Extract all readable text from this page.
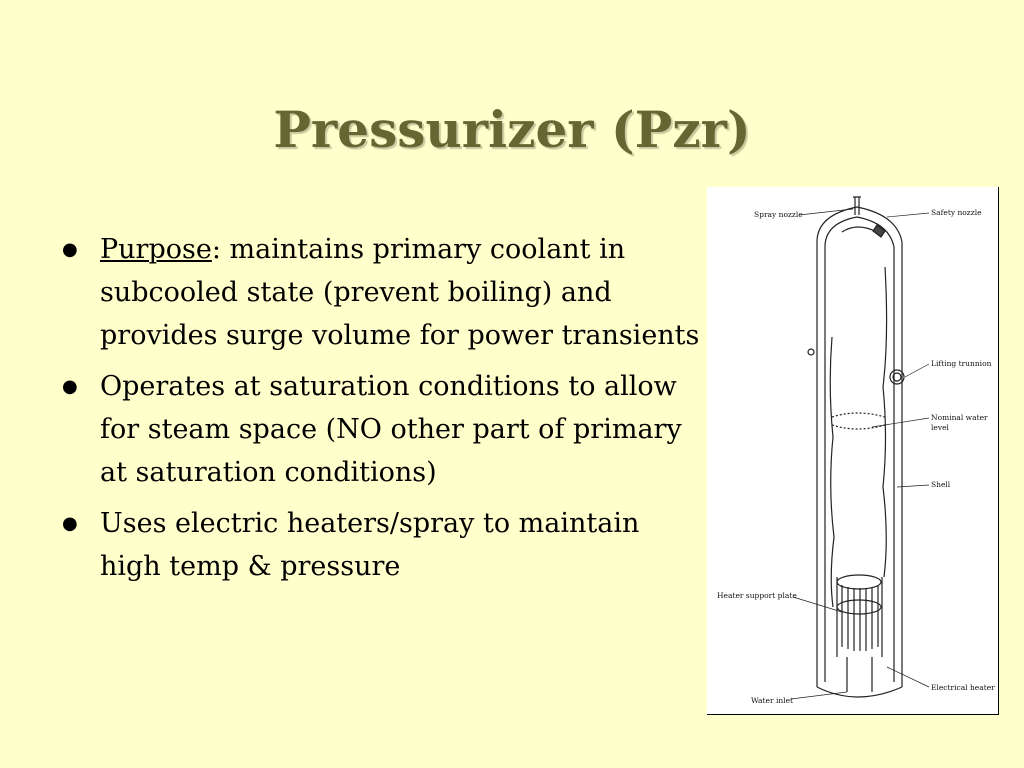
Pressurizer (Pzr)
● Purpose: maintains primary coolant in subcooled state (prevent boiling) and provides surge volume for power transients
● Operates at saturation conditions to allow for steam space (NO other part of primary at saturation conditions)
● Uses electric heaters/spray to maintain high temp & pressure
Spray nozzle	Safety nozzle
Lifting trunnion
Nominal water
level
Shell
Heater support plate
Electrical heater
Water inlet
